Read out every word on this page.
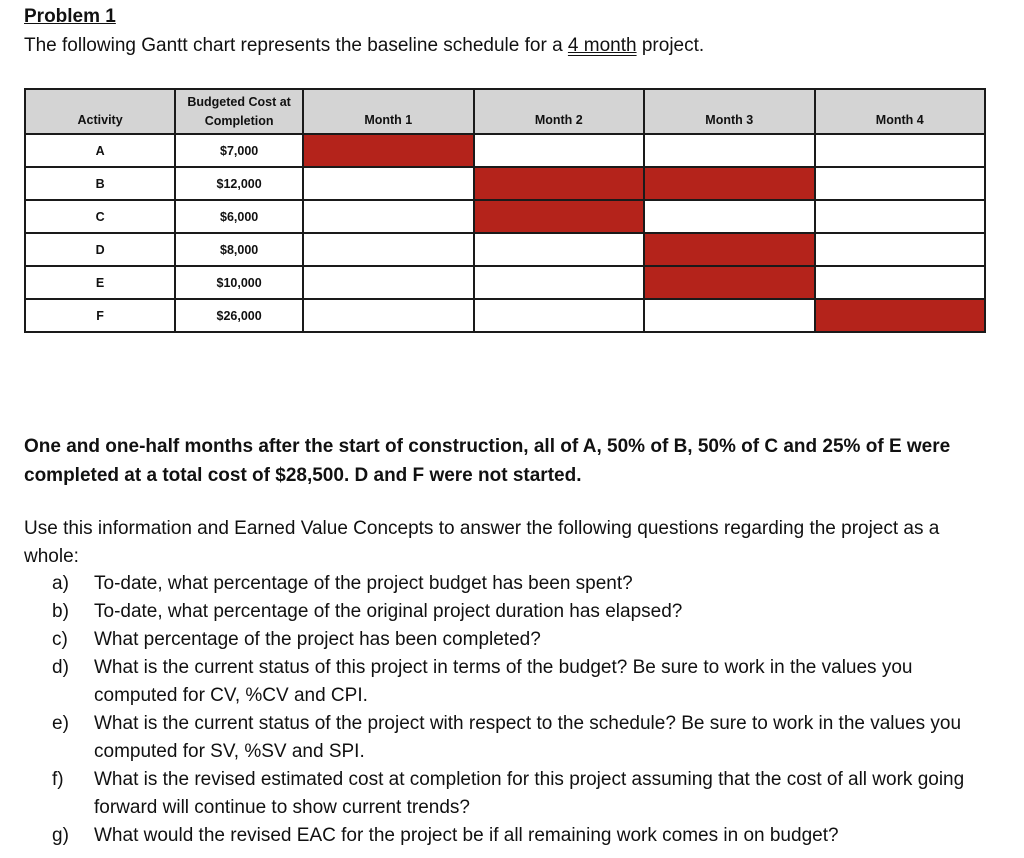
Problem 1
The following Gantt chart represents the baseline schedule for a 4 month project.
Activity	Budgeted Cost at Completion	Month 1	Month 2	Month 3	Month 4
A	$7,000				
B	$12,000				
C	$6,000				
D	$8,000				
E	$10,000				
F	$26,000				
One and one-half months after the start of construction, all of A, 50% of B, 50% of C and 25% of E were completed at a total cost of $28,500. D and F were not started.
Use this information and Earned Value Concepts to answer the following questions regarding the project as a whole:
a)	To-date, what percentage of the project budget has been spent?
b)	To-date, what percentage of the original project duration has elapsed?
c)	What percentage of the project has been completed?
d)	What is the current status of this project in terms of the budget? Be sure to work in the values you computed for CV, %CV and CPI.
e)	What is the current status of the project with respect to the schedule? Be sure to work in the values you computed for SV, %SV and SPI.
f)	What is the revised estimated cost at completion for this project assuming that the cost of all work going forward will continue to show current trends?
g)	What would the revised EAC for the project be if all remaining work comes in on budget?
